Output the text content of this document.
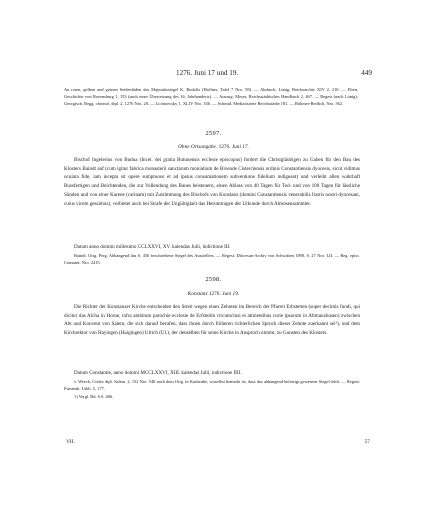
1276. Juni 17 und 19.	449

An roten, gelben und grünen Seidenfäden das Majestätssiegel K. Rudolfs (Hoffner, Tafel 7 Nro. 58). — Abdruck: Lünig, Reichsarchiv XIV 2, 210. — Eben, Geschichte von Ravensburg 1, 153 (nach einer Übersetzung des 16. Jahrhunderts). — Auszug: Moser, Reichsstädtisches Handbuch 2, 467. — Regest (nach Lünig): Georgisch, Regg. chronol. dipl. 2, 1276 Nro. 20. — Lichnowsky 1, XLIV Nro. 336. — Schmid, Mediatisierte Reichsstädte 181. — Böhmer-Redlich, Nro. 562.

2597.
Ohne Ortsangabe. 1276. Juni 17.

Bischof Ingelerius von Budua (Incel. dei gratia Butunensis ecclesie episcopus) fordert die Christgläubigen zu Gaben für den Bau des Klosters Baindt auf (cum igitur fabrica monasterii sanctarum monialium de Bivende Cisterciensis ordinis Constantiensis dyocesis, sicut vidimus oculata fide, iam incepta sit opere sumptuoso et ad ipsius consumationem subventione fidelium indigeant) und verleiht allen wahrhaft Bussfertigen und Beichtenden, die zur Vollendung des Baues beisteuern, einen Ablass von 40 Tagen für Tod- und von 100 Tagen für lässliche Sünden und von einer Karene (carinam) mit Zustimmung des Bischofs von Konstanz (domini Constantiensis venerabilis fratris nostri dyocesani, cuius vicem gessimus), verbietet auch bei Strafe der Ungültigkeit das Herumtragen der Urkunde durch Almosensammler.

Datum anno domini millesimo CCLXXVI, XV. kalendas Julii, indictione III.

Baindt. Orig. Perg. Abhangend das S. 456 beschriebene Siegel des Ausstellers. — Regest: Diöcesan-Archiv von Schwaben 1890, S. 27 Nro. LII. — Reg. episc. Constant. Nro. 2415.

2598.
Konstanz 1276. Juni 19.

Die Richter der Konstanzer Kirche entscheiden den Streit wegen eines Zehnten im Bereich der Pfarrei Erbstetten (super decimis fundi, qui dicitur das Alcha in Horne, infra ambitum parochie ecclesie de Erfsteitin circumclusi et attinentibus curie ipsorum in Altmanzhusen) zwischen Abt und Konvent von Salem, die sich darauf berufen, dass ihnen durch früheren richterlichen Spruch dieser Zehnte zuerkannt sei¹), und dem Kirchrektor von Hayingen (Haigingen) Ulrich (Ul.), der denselben für seine Kirche in Anspruch nimmt, zu Gunsten des Klosters.

Datum Constantie, anno domini MCCLXXVI, XIII. kalendas Julii, indictione IIII.

v. Weech, Codex dipl. Salem. 2, 152 Nro. 540 nach dem Orig. in Karlsruhe, woselbst bemerkt ist, dass das abhangend befestigt gewesene Siegel fehlt. — Regest: Fürstenb. Urkb. 5, 177.

1) Vergl. Bd. 6 S. 406.

VII.	57
